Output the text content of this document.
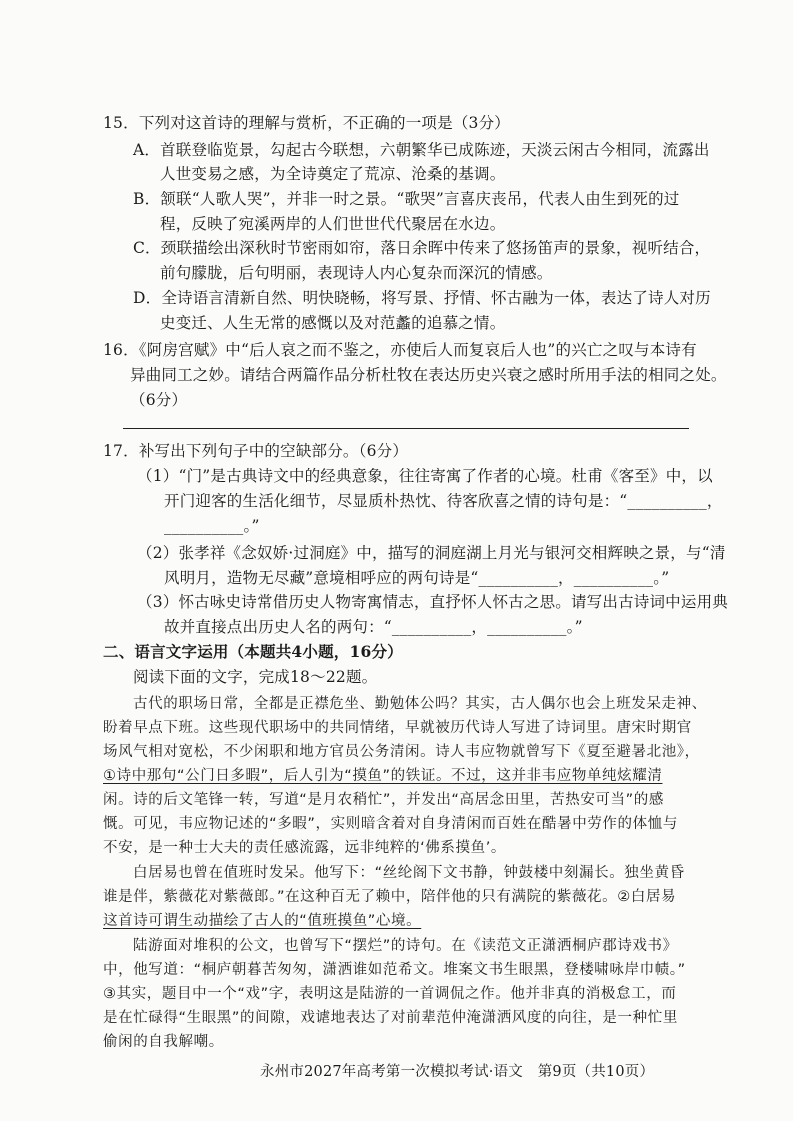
15．下列对这首诗的理解与赏析，不正确的一项是（3分）
A．首联登临览景，勾起古今联想，六朝繁华已成陈迹，天淡云闲古今相同，流露出
人世变易之感，为全诗奠定了荒凉、沧桑的基调。
B．颔联“人歌人哭”，并非一时之景。“歌哭”言喜庆丧吊，代表人由生到死的过
程，反映了宛溪两岸的人们世世代代聚居在水边。
C．颈联描绘出深秋时节密雨如帘，落日余晖中传来了悠扬笛声的景象，视听结合，
前句朦胧，后句明丽，表现诗人内心复杂而深沉的情感。
D．全诗语言清新自然、明快晓畅，将写景、抒情、怀古融为一体，表达了诗人对历
史变迁、人生无常的感慨以及对范蠡的追慕之情。
16．《阿房宫赋》中“后人哀之而不鉴之，亦使后人而复哀后人也”的兴亡之叹与本诗有
异曲同工之妙。请结合两篇作品分析杜牧在表达历史兴衰之感时所用手法的相同之处。
（6分）
17．补写出下列句子中的空缺部分。（6分）
（1）“门”是古典诗文中的经典意象，往往寄寓了作者的心境。杜甫《客至》中，以
开门迎客的生活化细节，尽显质朴热忱、待客欣喜之情的诗句是：“__________，
__________。”
（2）张孝祥《念奴娇·过洞庭》中，描写的洞庭湖上月光与银河交相辉映之景，与“清
风明月，造物无尽藏”意境相呼应的两句诗是“__________，__________。”
（3）怀古咏史诗常借历史人物寄寓情志，直抒怀人怀古之思。请写出古诗词中运用典
故并直接点出历史人名的两句：“__________，__________。”
二、语言文字运用（本题共4小题，16分）
阅读下面的文字，完成18～22题。
古代的职场日常，全都是正襟危坐、勤勉体公吗？其实，古人偶尔也会上班发呆走神、
盼着早点下班。这些现代职场中的共同情绪，早就被历代诗人写进了诗词里。唐宋时期官
场风气相对宽松，不少闲职和地方官员公务清闲。诗人韦应物就曾写下《夏至避暑北池》，
①诗中那句“公门日多暇”，后人引为“摸鱼”的铁证。不过，这并非韦应物单纯炫耀清
闲。诗的后文笔锋一转，写道“是月农稍忙”，并发出“高居念田里，苦热安可当”的感
慨。可见，韦应物记述的“多暇”，实则暗含着对自身清闲而百姓在酷暑中劳作的体恤与
不安，是一种士大夫的责任感流露，远非纯粹的‘佛系摸鱼’。
白居易也曾在值班时发呆。他写下：“丝纶阁下文书静，钟鼓楼中刻漏长。独坐黄昏
谁是伴，紫薇花对紫薇郎。”在这种百无了赖中，陪伴他的只有满院的紫薇花。②白居易
这首诗可谓生动描绘了古人的“值班摸鱼”心境。
陆游面对堆积的公文，也曾写下“摆烂”的诗句。在《读范文正潇洒桐庐郡诗戏书》
中，他写道：“桐庐朝暮苦匆匆，潇洒谁如范希文。堆案文书生眼黑，登楼啸咏岸巾帻。”
③其实，题目中一个“戏”字，表明这是陆游的一首调侃之作。他并非真的消极怠工，而
是在忙碌得“生眼黑”的间隙，戏谑地表达了对前辈范仲淹潇洒风度的向往，是一种忙里
偷闲的自我解嘲。
永州市2027年高考第一次模拟考试·语文　第9页（共10页）
